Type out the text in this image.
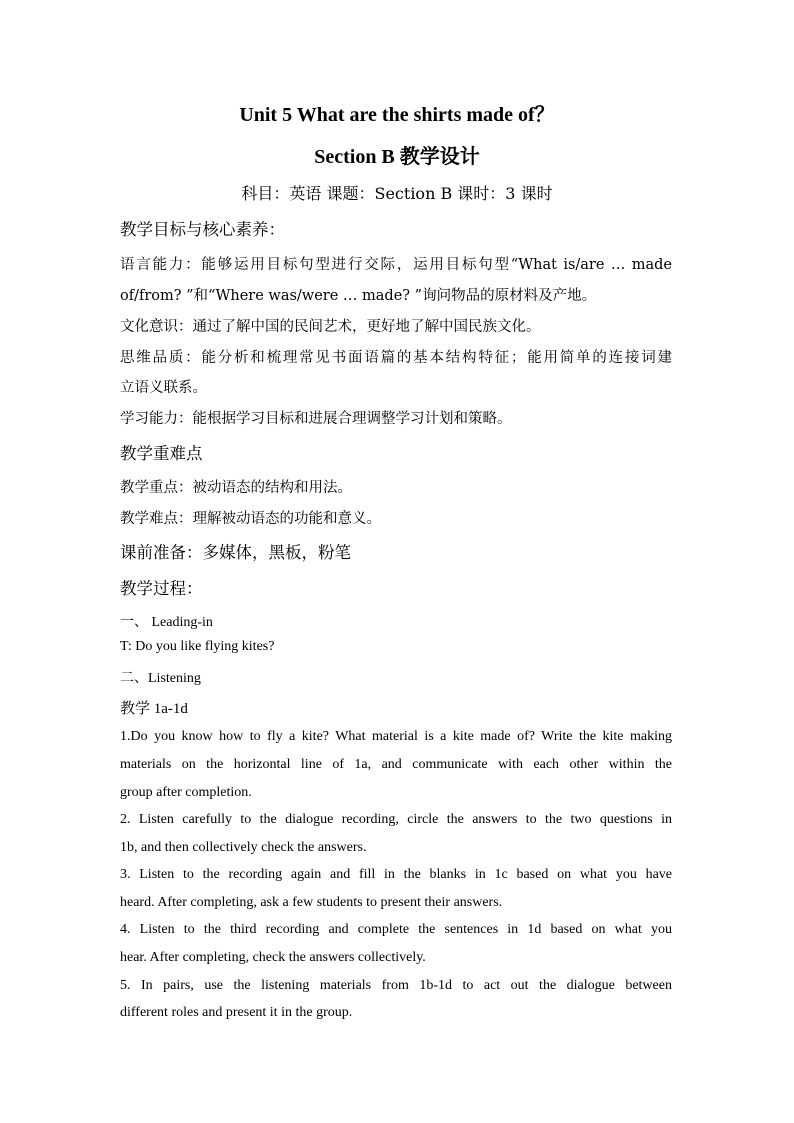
Unit 5 What are the shirts made of？
Section B 教学设计
科目：英语 课题：Section B 课时：3 课时
教学目标与核心素养：
语言能力：能够运用目标句型进行交际，运用目标句型“What is/are … made
of/from? ”和“Where was/were … made? ”询问物品的原材料及产地。
文化意识：通过了解中国的民间艺术，更好地了解中国民族文化。
思维品质：能分析和梳理常见书面语篇的基本结构特征；能用简单的连接词建
立语义联系。
学习能力：能根据学习目标和进展合理调整学习计划和策略。
教学重难点
教学重点：被动语态的结构和用法。
教学难点：理解被动语态的功能和意义。
课前准备：多媒体，黑板，粉笔
教学过程：
一、 Leading-in
T: Do you like flying kites?
二、Listening
教学 1a-1d
1.Do you know how to fly a kite? What material is a kite made of? Write the kite making
materials on the horizontal line of 1a, and communicate with each other within the
group after completion.
2. Listen carefully to the dialogue recording, circle the answers to the two questions in
1b, and then collectively check the answers.
3. Listen to the recording again and fill in the blanks in 1c based on what you have
heard. After completing, ask a few students to present their answers.
4. Listen to the third recording and complete the sentences in 1d based on what you
hear. After completing, check the answers collectively.
5. In pairs, use the listening materials from 1b-1d to act out the dialogue between
different roles and present it in the group.
